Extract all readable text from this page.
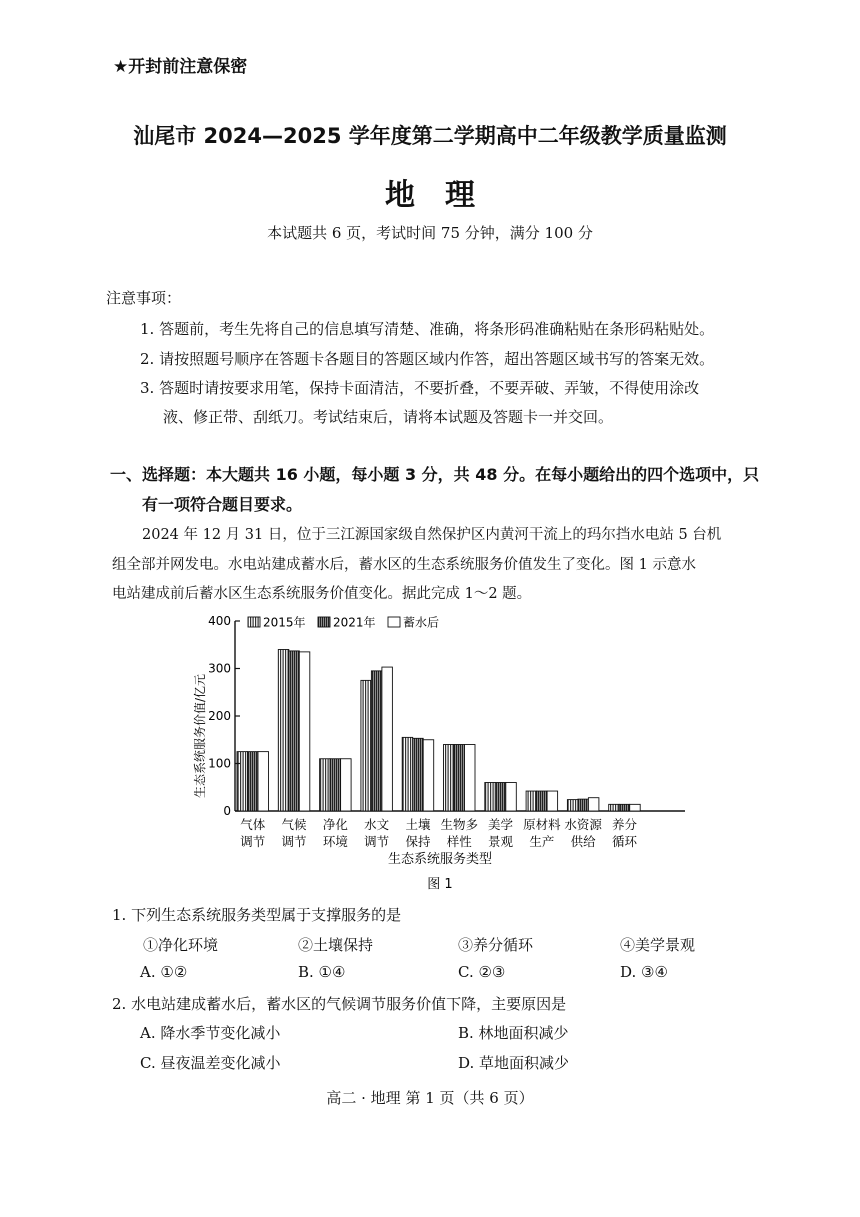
★开封前注意保密
汕尾市 2024—2025 学年度第二学期高中二年级教学质量监测
地理
本试题共 6 页，考试时间 75 分钟，满分 100 分
注意事项：
1. 答题前，考生先将自己的信息填写清楚、准确，将条形码准确粘贴在条形码粘贴处。
2. 请按照题号顺序在答题卡各题目的答题区域内作答，超出答题区域书写的答案无效。
3. 答题时请按要求用笔，保持卡面清洁，不要折叠，不要弄破、弄皱，不得使用涂改
液、修正带、刮纸刀。考试结束后，请将本试题及答题卡一并交回。
一、选择题：本大题共 16 小题，每小题 3 分，共 48 分。在每小题给出的四个选项中，只
有一项符合题目要求。
2024 年 12 月 31 日，位于三江源国家级自然保护区内黄河干流上的玛尔挡水电站 5 台机
组全部并网发电。水电站建成蓄水后，蓄水区的生态系统服务价值发生了变化。图 1 示意水
电站建成前后蓄水区生态系统服务价值变化。据此完成 1～2 题。
0
100
200
300
400
气体
调节
气候
调节
净化
环境
水文
调节
土壤
保持
生物多
样性
美学
景观
原材料
生产
水资源
供给
养分
循环
2015年 2021年 蓄水后
生态系统服务价值/亿元
生态系统服务类型
图 1
1. 下列生态系统服务类型属于支撑服务的是
①净化环境	②土壤保持	③养分循环	④美学景观
A. ①②	B. ①④	C. ②③	D. ③④
2. 水电站建成蓄水后，蓄水区的气候调节服务价值下降，主要原因是
A. 降水季节变化减小	B. 林地面积减少
C. 昼夜温差变化减小	D. 草地面积减少
高二 · 地理 第 1 页（共 6 页）
